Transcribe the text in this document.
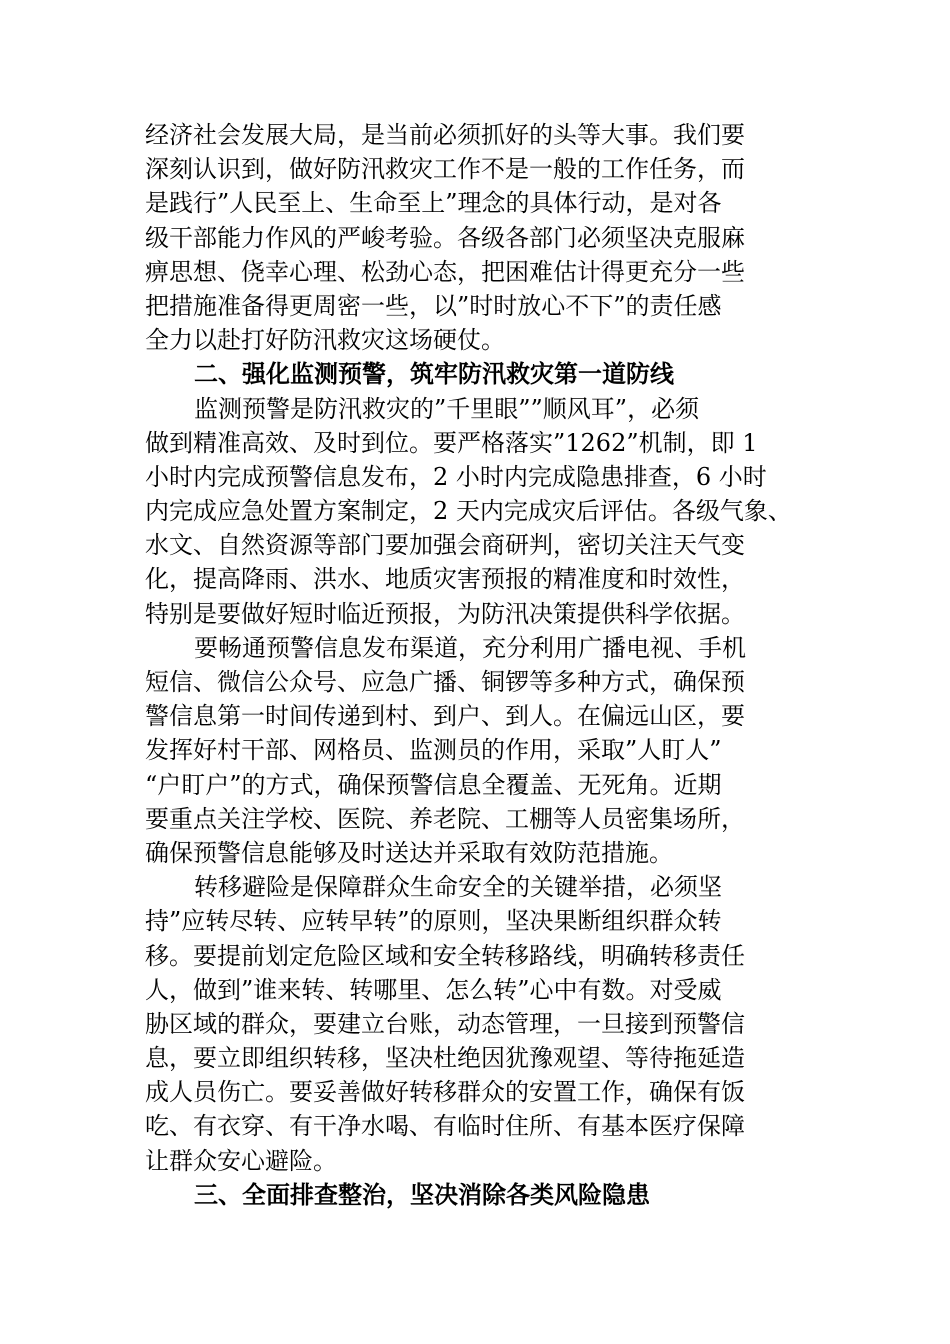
经济社会发展大局，是当前必须抓好的头等大事。我们要
深刻认识到，做好防汛救灾工作不是一般的工作任务，而
是践行”人民至上、生命至上”理念的具体行动，是对各
级干部能力作风的严峻考验。各级各部门必须坚决克服麻
痹思想、侥幸心理、松劲心态，把困难估计得更充分一些
把措施准备得更周密一些，以”时时放心不下”的责任感
全力以赴打好防汛救灾这场硬仗。
二、强化监测预警，筑牢防汛救灾第一道防线
监测预警是防汛救灾的”千里眼””顺风耳”，必须
做到精准高效、及时到位。要严格落实”1262”机制，即 1
小时内完成预警信息发布，2 小时内完成隐患排查，6 小时
内完成应急处置方案制定，2 天内完成灾后评估。各级气象、
水文、自然资源等部门要加强会商研判，密切关注天气变
化，提高降雨、洪水、地质灾害预报的精准度和时效性，
特别是要做好短时临近预报，为防汛决策提供科学依据。
要畅通预警信息发布渠道，充分利用广播电视、手机
短信、微信公众号、应急广播、铜锣等多种方式，确保预
警信息第一时间传递到村、到户、到人。在偏远山区，要
发挥好村干部、网格员、监测员的作用，采取”人盯人”
“户盯户”的方式，确保预警信息全覆盖、无死角。近期
要重点关注学校、医院、养老院、工棚等人员密集场所，
确保预警信息能够及时送达并采取有效防范措施。
转移避险是保障群众生命安全的关键举措，必须坚
持”应转尽转、应转早转”的原则，坚决果断组织群众转
移。要提前划定危险区域和安全转移路线，明确转移责任
人，做到”谁来转、转哪里、怎么转”心中有数。对受威
胁区域的群众，要建立台账，动态管理，一旦接到预警信
息，要立即组织转移，坚决杜绝因犹豫观望、等待拖延造
成人员伤亡。要妥善做好转移群众的安置工作，确保有饭
吃、有衣穿、有干净水喝、有临时住所、有基本医疗保障
让群众安心避险。
三、全面排查整治，坚决消除各类风险隐患
